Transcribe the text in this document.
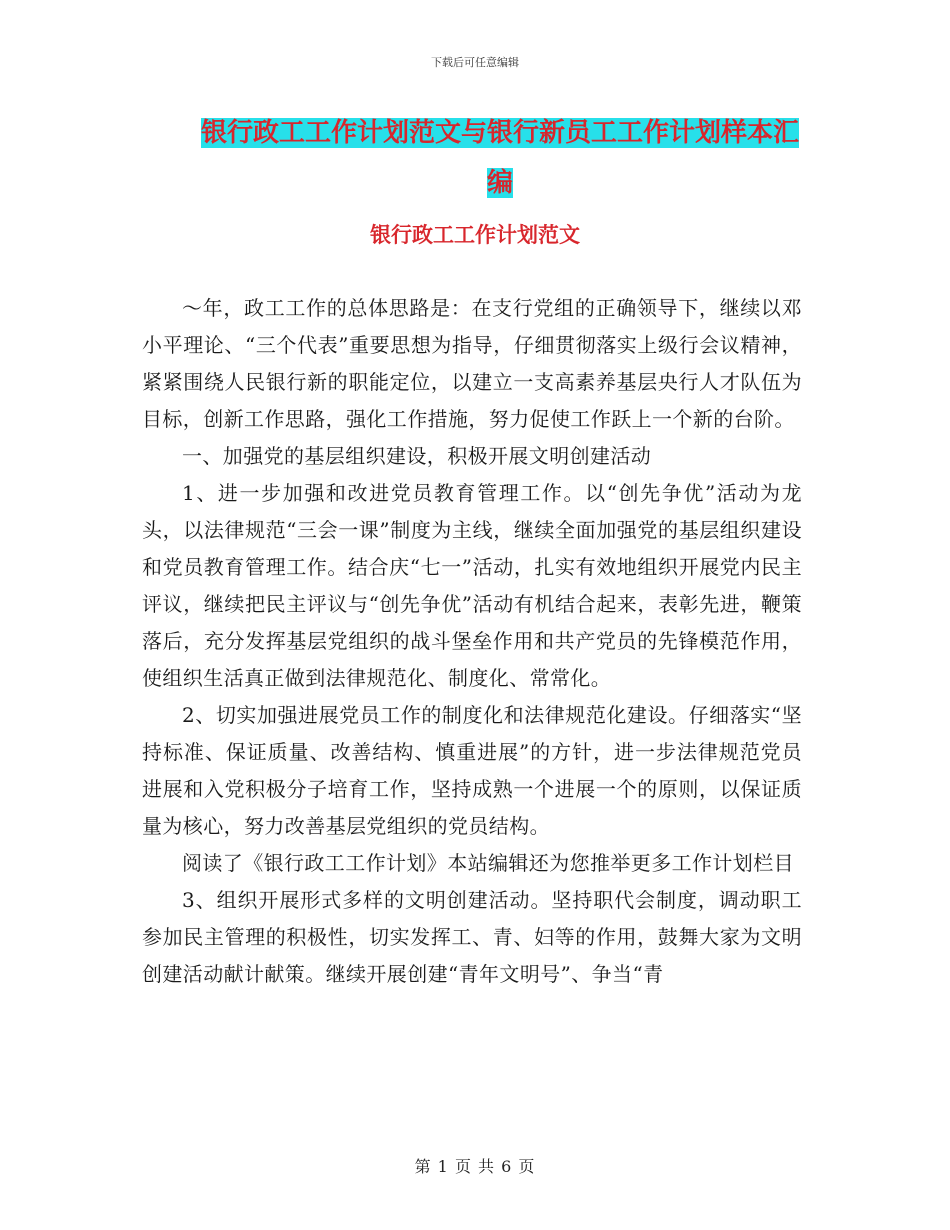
下载后可任意编辑
银行政工工作计划范文与银行新员工工作计划样本汇编
银行政工工作计划范文

～年，政工工作的总体思路是：在支行党组的正确领导下，继续以邓小平理论、“三个代表”重要思想为指导，仔细贯彻落实上级行会议精神，紧紧围绕人民银行新的职能定位，以建立一支高素养基层央行人才队伍为目标，创新工作思路，强化工作措施，努力促使工作跃上一个新的台阶。

一、加强党的基层组织建设，积极开展文明创建活动

1、进一步加强和改进党员教育管理工作。以“创先争优”活动为龙头，以法律规范“三会一课”制度为主线，继续全面加强党的基层组织建设和党员教育管理工作。结合庆“七一”活动，扎实有效地组织开展党内民主评议，继续把民主评议与“创先争优”活动有机结合起来，表彰先进，鞭策落后，充分发挥基层党组织的战斗堡垒作用和共产党员的先锋模范作用，使组织生活真正做到法律规范化、制度化、常常化。

2、切实加强进展党员工作的制度化和法律规范化建设。仔细落实“坚持标准、保证质量、改善结构、慎重进展”的方针，进一步法律规范党员进展和入党积极分子培育工作，坚持成熟一个进展一个的原则，以保证质量为核心，努力改善基层党组织的党员结构。

阅读了《银行政工工作计划》本站编辑还为您推举更多工作计划栏目

3、组织开展形式多样的文明创建活动。坚持职代会制度，调动职工参加民主管理的积极性，切实发挥工、青、妇等的作用，鼓舞大家为文明创建活动献计献策。继续开展创建“青年文明号”、争当“青

第 1 页 共 6 页
